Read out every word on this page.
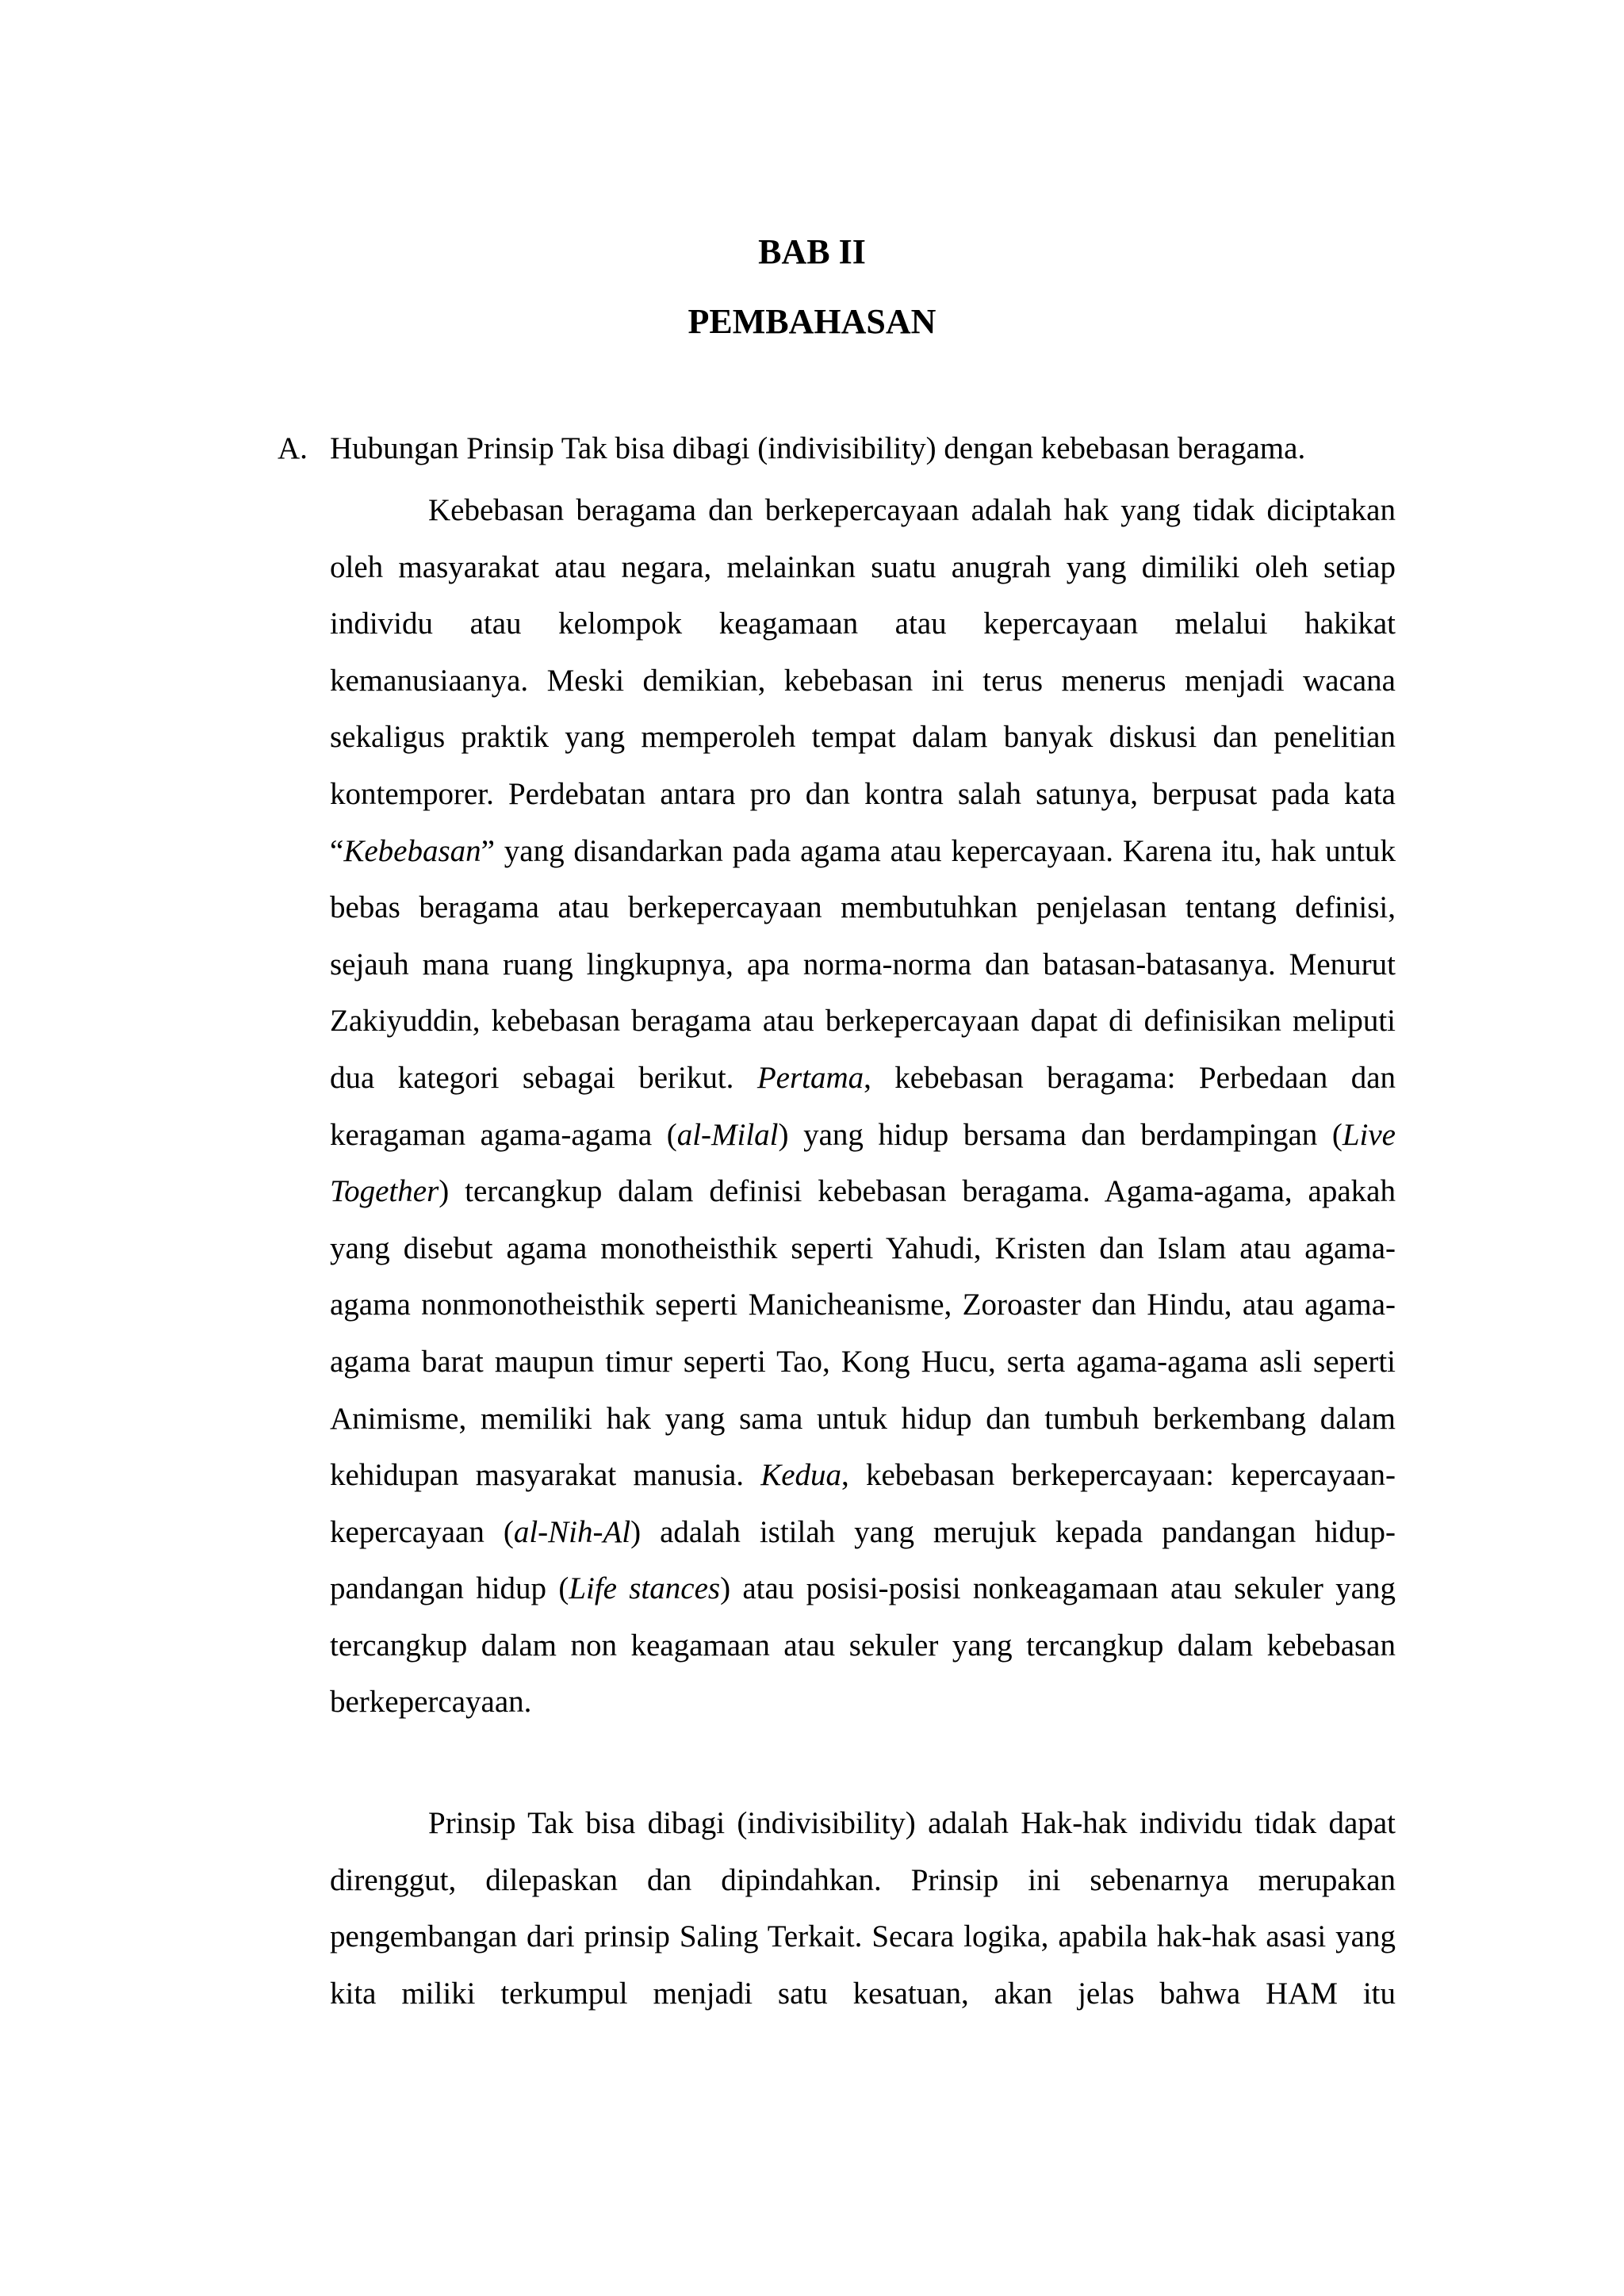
BAB II
PEMBAHASAN

A. Hubungan Prinsip Tak bisa dibagi (indivisibility) dengan kebebasan beragama.

Kebebasan beragama dan berkepercayaan adalah hak yang tidak diciptakan oleh masyarakat atau negara, melainkan suatu anugrah yang dimiliki oleh setiap individu atau kelompok keagamaan atau kepercayaan melalui hakikat kemanusiaanya. Meski demikian, kebebasan ini terus menerus menjadi wacana sekaligus praktik yang memperoleh tempat dalam banyak diskusi dan penelitian kontemporer. Perdebatan antara pro dan kontra salah satunya, berpusat pada kata “Kebebasan” yang disandarkan pada agama atau kepercayaan. Karena itu, hak untuk bebas beragama atau berkepercayaan membutuhkan penjelasan tentang definisi, sejauh mana ruang lingkupnya, apa norma-norma dan batasan-batasanya. Menurut Zakiyuddin, kebebasan beragama atau berkepercayaan dapat di definisikan meliputi dua kategori sebagai berikut. Pertama, kebebasan beragama: Perbedaan dan keragaman agama-agama (al-Milal) yang hidup bersama dan berdampingan (Live Together) tercangkup dalam definisi kebebasan beragama. Agama-agama, apakah yang disebut agama monotheisthik seperti Yahudi, Kristen dan Islam atau agama-agama nonmonotheisthik seperti Manicheanisme, Zoroaster dan Hindu, atau agama-agama barat maupun timur seperti Tao, Kong Hucu, serta agama-agama asli seperti Animisme, memiliki hak yang sama untuk hidup dan tumbuh berkembang dalam kehidupan masyarakat manusia. Kedua, kebebasan berkepercayaan: kepercayaan-kepercayaan (al-Nih-Al) adalah istilah yang merujuk kepada pandangan hidup-pandangan hidup (Life stances) atau posisi-posisi nonkeagamaan atau sekuler yang tercangkup dalam non keagamaan atau sekuler yang tercangkup dalam kebebasan berkepercayaan.

Prinsip Tak bisa dibagi (indivisibility) adalah Hak-hak individu tidak dapat direnggut, dilepaskan dan dipindahkan. Prinsip ini sebenarnya merupakan pengembangan dari prinsip Saling Terkait. Secara logika, apabila hak-hak asasi yang kita miliki terkumpul menjadi satu kesatuan, akan jelas bahwa HAM itu
